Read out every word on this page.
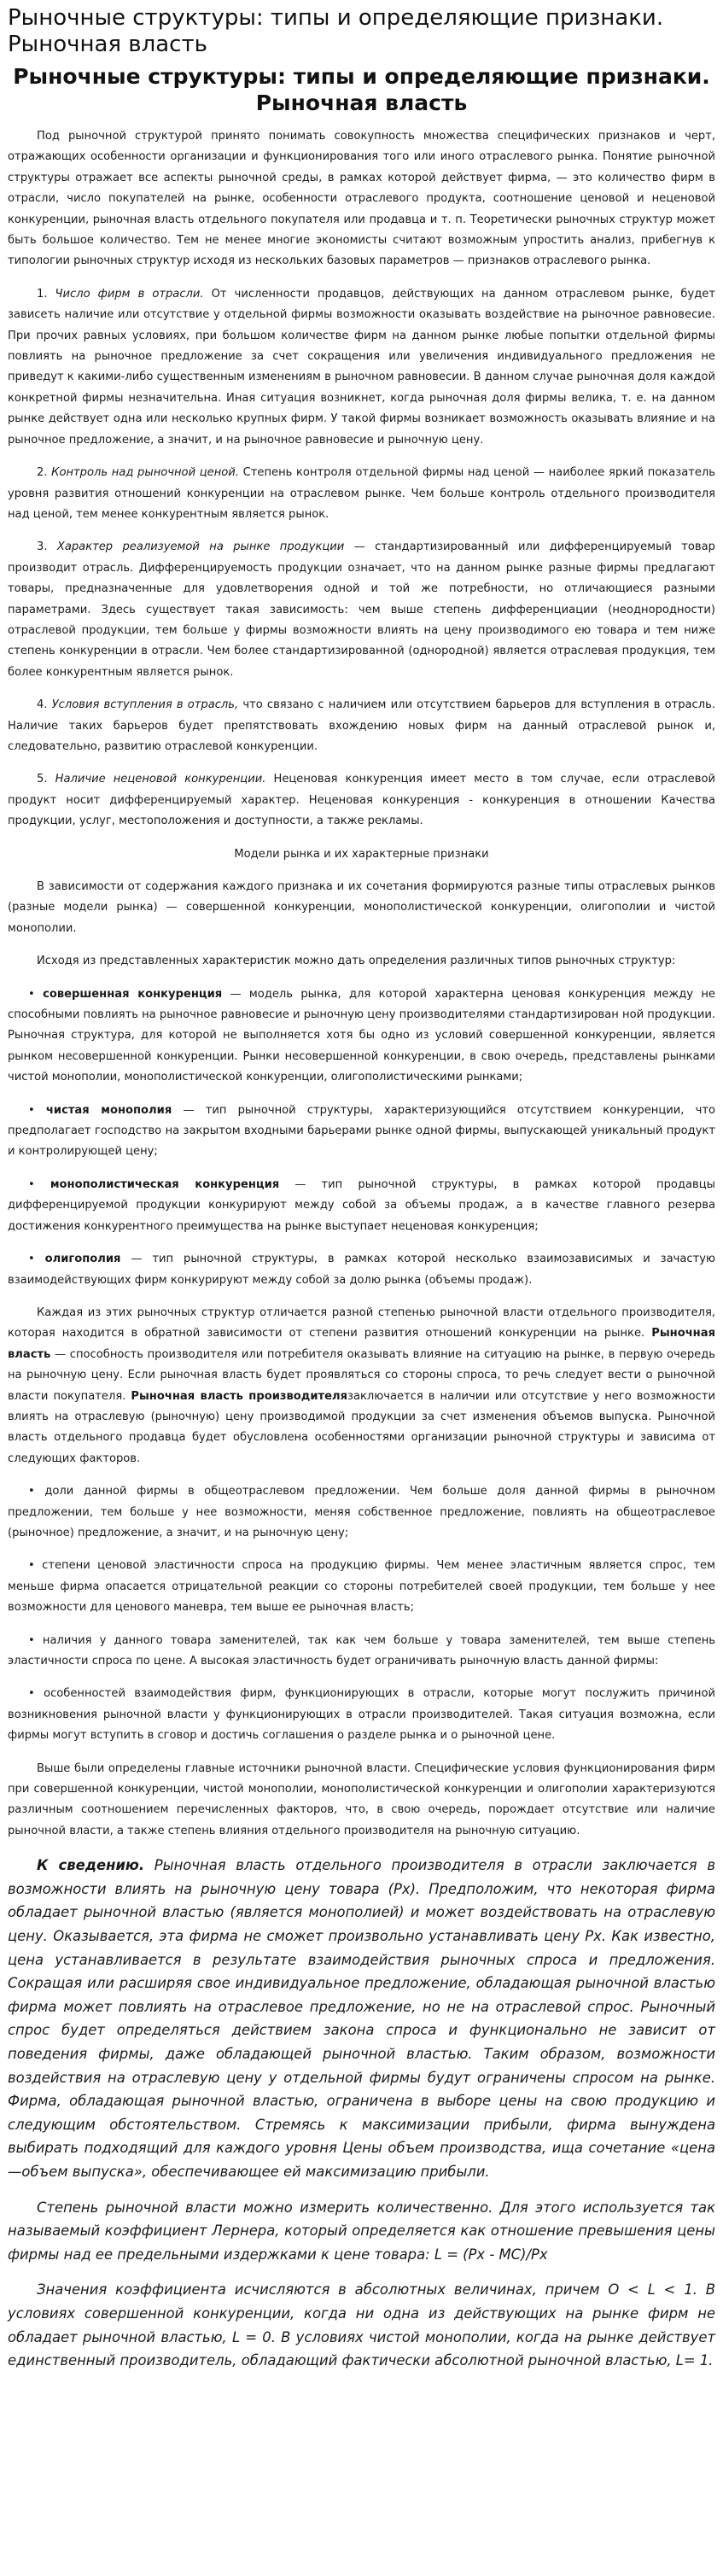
Рыночные структуры: типы и определяющие признаки. Рыночная власть
Рыночные структуры: типы и определяющие признаки. Рыночная власть

Под рыночной структурой принято понимать совокупность множества специфических признаков и черт, отражающих особенности организации и функционирования того или иного отраслевого рынка. Понятие рыночной структуры отражает все аспекты рыночной среды, в рамках которой действует фирма, — это количество фирм в отрасли, число покупателей на рынке, особенности отраслевого продукта, соотношение ценовой и неценовой конкуренции, рыночная власть отдельного покупателя или продавца и т. п. Теоретически рыночных структур может быть большое количество. Тем не менее многие экономисты считают возможным упростить анализ, прибегнув к типологии рыночных структур исходя из нескольких базовых параметров — признаков отраслевого рынка.

1. Число фирм в отрасли. От численности продавцов, действующих на данном отраслевом рынке, будет зависеть наличие или отсутствие у отдельной фирмы возможности оказывать воздействие на рыночное равновесие. При прочих равных условиях, при большом количестве фирм на данном рынке любые попытки отдельной фирмы повлиять на рыночное предложение за счет сокращения или увеличения индивидуального предложения не приведут к какими-либо существенным изменениям в рыночном равновесии. В данном случае рыночная доля каждой конкретной фирмы незначительна. Иная ситуация возникнет, когда рыночная доля фирмы велика, т. е. на данном рынке действует одна или несколько крупных фирм. У такой фирмы возникает возможность оказывать влияние и на рыночное предложение, а значит, и на рыночное равновесие и рыночную цену.

2. Контроль над рыночной ценой. Степень контроля отдельной фирмы над ценой — наиболее яркий показатель уровня развития отношений конкуренции на отраслевом рынке. Чем больше контроль отдельного производителя над ценой, тем менее конкурентным является рынок.

3. Характер реализуемой на рынке продукции — стандартизированный или дифференцируемый товар производит отрасль. Дифференцируемость продукции означает, что на данном рынке разные фирмы предлагают товары, предназначенные для удовлетворения одной и той же потребности, но отличающиеся разными параметрами. Здесь существует такая зависимость: чем выше степень дифференциации (неоднородности) отраслевой продукции, тем больше у фирмы возможности влиять на цену производимого ею товара и тем ниже степень конкуренции в отрасли. Чем более стандартизированной (однородной) является отраслевая продукция, тем более конкурентным является рынок.

4. Условия вступления в отрасль, что связано с наличием или отсутствием барьеров для вступления в отрасль. Наличие таких барьеров будет препятствовать вхождению новых фирм на данный отраслевой рынок и, следовательно, развитию отраслевой конкуренции.

5. Наличие неценовой конкуренции. Неценовая конкуренция имеет место в том случае, если отраслевой продукт носит дифференцируемый характер. Неценовая конкуренция - конкуренция в отношении Качества продукции, услуг, местоположения и доступности, а также рекламы.

Модели рынка и их характерные признаки

В зависимости от содержания каждого признака и их сочетания формируются разные типы отраслевых рынков (разные модели рынка) — совершенной конкуренции, монополистической конкуренции, олигополии и чистой монополии.

Исходя из представленных характеристик можно дать определения различных типов рыночных структур:

• совершенная конкуренция — модель рынка, для которой характерна ценовая конкуренция между не способными повлиять на рыночное равновесие и рыночную цену производителями стандартизирован ной продукции. Рыночная структура, для которой не выполняется хотя бы одно из условий совершенной конкуренции, является рынком несовершенной конкуренции. Рынки несовершенной конкуренции, в свою очередь, представлены рынками чистой монополии, монополистической конкуренции, олигополистическими рынками;

• чистая монополия — тип рыночной структуры, характеризующийся отсутствием конкуренции, что предполагает господство на закрытом входными барьерами рынке одной фирмы, выпускающей уникальный продукт и контролирующей цену;

• монополистическая конкуренция — тип рыночной структуры, в рамках которой продавцы дифференцируемой продукции конкурируют между собой за объемы продаж, а в качестве главного резерва достижения конкурентного преимущества на рынке выступает неценовая конкуренция;

• олигополия — тип рыночной структуры, в рамках которой несколько взаимозависимых и зачастую взаимодействующих фирм конкурируют между собой за долю рынка (объемы продаж).

Каждая из этих рыночных структур отличается разной степенью рыночной власти отдельного производителя, которая находится в обратной зависимости от степени развития отношений конкуренции на рынке. Рыночная власть — способность производителя или потребителя оказывать влияние на ситуацию на рынке, в первую очередь на рыночную цену. Если рыночная власть будет проявляться со стороны спроса, то речь следует вести о рыночной власти покупателя. Рыночная власть производителязаключается в наличии или отсутствие у него возможности влиять на отраслевую (рыночную) цену производимой продукции за счет изменения объемов выпуска. Рыночной власть отдельного продавца будет обусловлена особенностями организации рыночной структуры и зависима от следующих факторов.

• доли данной фирмы в общеотраслевом предложении. Чем больше доля данной фирмы в рыночном предложении, тем больше у нее возможности, меняя собственное предложение, повлиять на общеотраслевое (рыночное) предложение, а значит, и на рыночную цену;

• степени ценовой эластичности спроса на продукцию фирмы. Чем менее эластичным является спрос, тем меньше фирма опасается отрицательной реакции со стороны потребителей своей продукции, тем больше у нее возможности для ценового маневра, тем выше ее рыночная власть;

• наличия у данного товара заменителей, так как чем больше у товара заменителей, тем выше степень эластичности спроса по цене. А высокая эластичность будет ограничивать рыночную власть данной фирмы:

• особенностей взаимодействия фирм, функционирующих в отрасли, которые могут послужить причиной возникновения рыночной власти у функционирующих в отрасли производителей. Такая ситуация возможна, если фирмы могут вступить в сговор и достичь соглашения о разделе рынка и о рыночной цене.

Выше были определены главные источники рыночной власти. Специфические условия функционирования фирм при совершенной конкуренции, чистой монополии, монополистической конкуренции и олигополии характеризуются различным соотношением перечисленных факторов, что, в свою очередь, порождает отсутствие или наличие рыночной власти, а также степень влияния отдельного производителя на рыночную ситуацию.

К сведению. Рыночная власть отдельного производителя в отрасли заключается в возможности влиять на рыночную цену товара (Px). Предположим, что некоторая фирма обладает рыночной властью (является монополией) и может воздействовать на отраслевую цену. Оказывается, эта фирма не сможет произвольно устанавливать цену Px. Как известно, цена устанавливается в результате взаимодействия рыночных спроса и предложения. Сокращая или расширяя свое индивидуальное предложение, обладающая рыночной властью фирма может повлиять на отраслевое предложение, но не на отраслевой спрос. Рыночный спрос будет определяться действием закона спроса и функционально не зависит от поведения фирмы, даже обладающей рыночной властью. Таким образом, возможности воздействия на отраслевую цену у отдельной фирмы будут ограничены спросом на рынке. Фирма, обладающая рыночной властью, ограничена в выборе цены на свою продукцию и следующим обстоятельством. Стремясь к максимизации прибыли, фирма вынуждена выбирать подходящий для каждого уровня Цены объем производства, ища сочетание «цена—объем выпуска», обеспечивающее ей максимизацию прибыли.

Степень рыночной власти можно измерить количественно. Для этого используется так называемый коэффициент Лернера, который определяется как отношение превышения цены фирмы над ее предельными издержками к цене товара: L = (Px - MC)/Px

Значения коэффициента исчисляются в абсолютных величинах, причем О < L < 1. В условиях совершенной конкуренции, когда ни одна из действующих на рынке фирм не обладает рыночной властью, L = 0. В условиях чистой монополии, когда на рынке действует единственный производитель, обладающий фактически абсолютной рыночной властью, L= 1.
